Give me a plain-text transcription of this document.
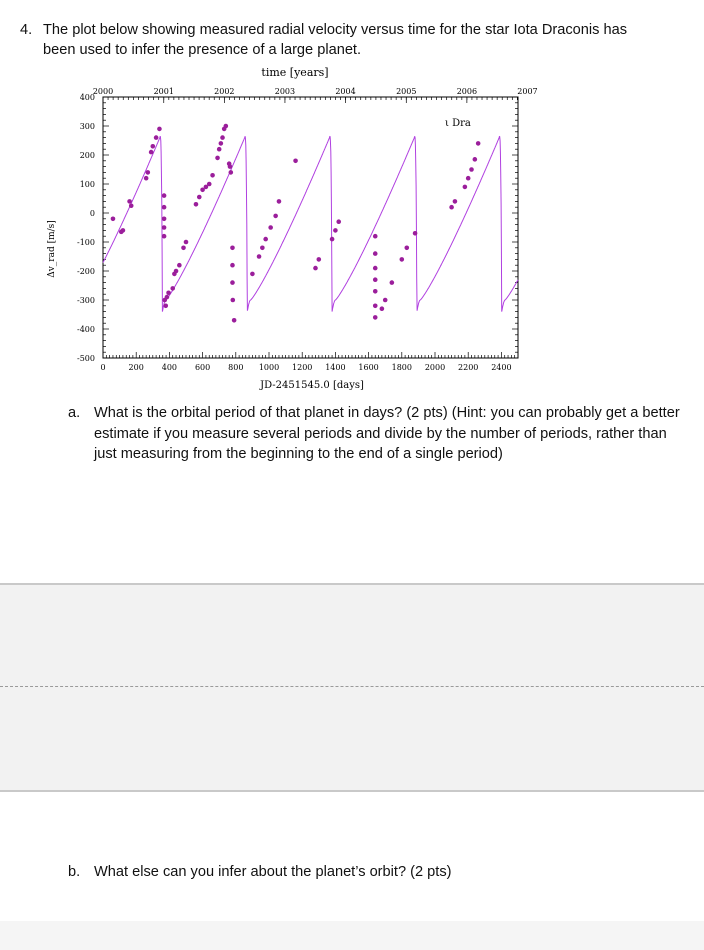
4. The plot below showing measured radial velocity versus time for the star Iota Draconis has
been used to infer the presence of a large planet.
time [years]
JD-2451545.0 [days]
Δv_rad [m/s]
0	200 400 600 800 1000 1200 1400 1600 1800 2000 2200 2400
400
300
200
100
0
-100
-200
-300
-400
-500
2000	2001	2002	2003	2004	2005	2006	2007
ι Dra
a. What is the orbital period of that planet in days? (2 pts) (Hint: you can probably get a better estimate if you measure several periods and divide by the number of periods, rather than just measuring from the beginning to the end of a single period)
b. What else can you infer about the planet’s orbit? (2 pts)
